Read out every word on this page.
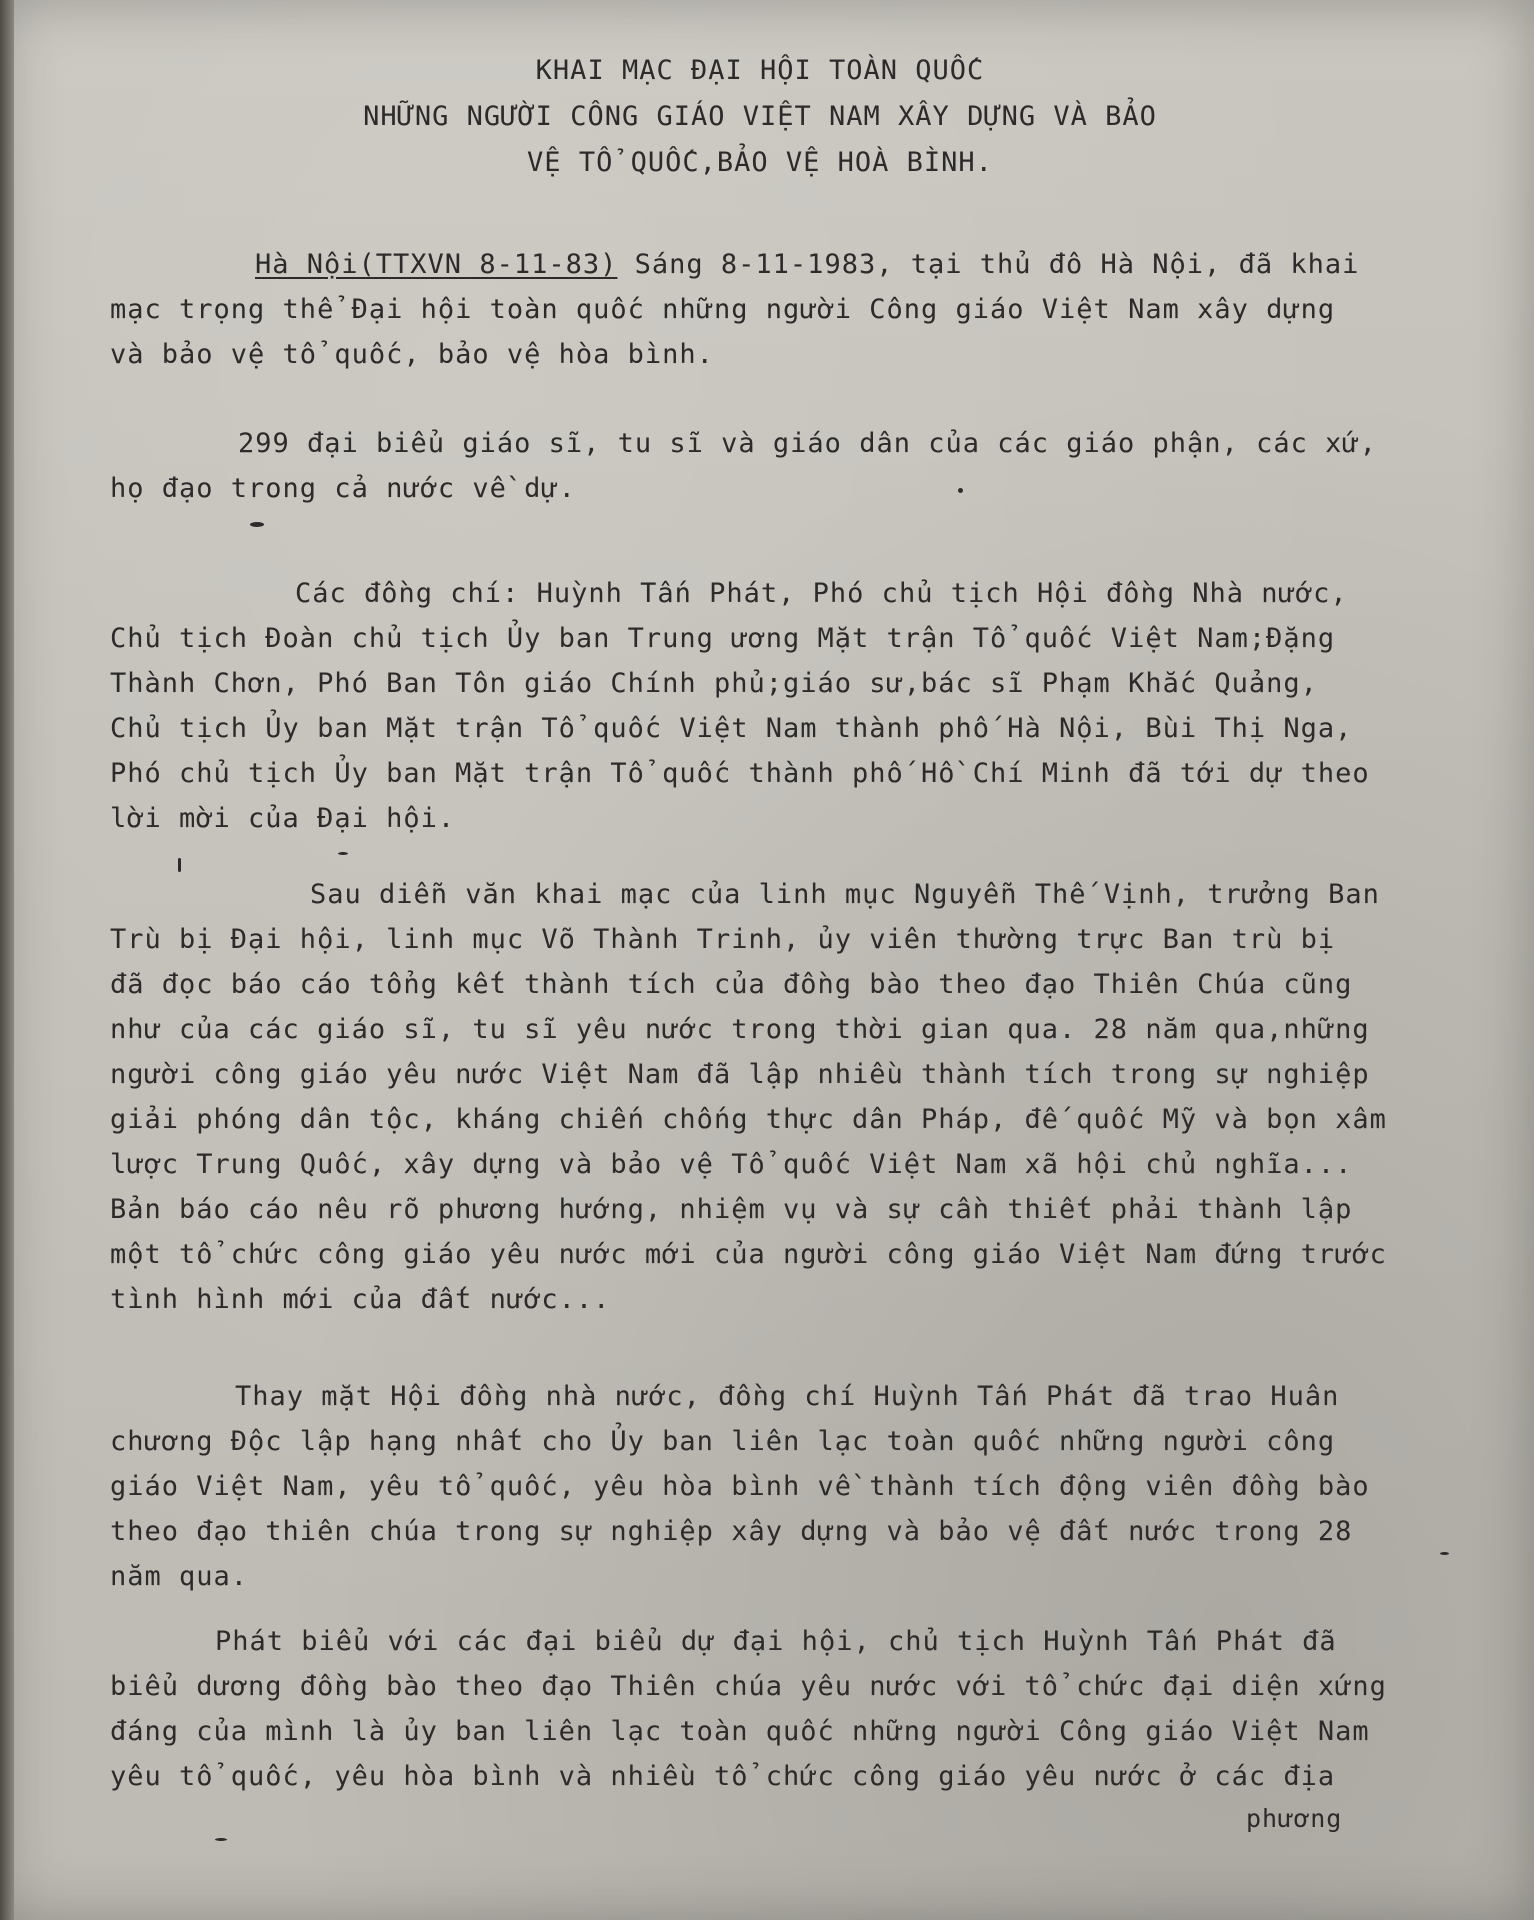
KHAI MẠC ĐẠI HỘI TOÀN QUỐC
NHỮNG NGƯỜI CÔNG GIÁO VIỆT NAM XÂY DỰNG VÀ BẢO
VỆ TỔ QUỐC,BẢO VỆ HOÀ BÌNH.
Hà Nội(TTXVN 8-11-83) Sáng 8-11-1983, tại thủ đô Hà Nội, đã khai
mạc trọng thể Đại hội toàn quốc những người Công giáo Việt Nam xây dựng
và bảo vệ tổ quốc, bảo vệ hòa bình.
299 đại biểu giáo sĩ, tu sĩ và giáo dân của các giáo phận, các xứ,
họ đạo trong cả nước về dự.
Các đồng chí: Huỳnh Tấn Phát, Phó chủ tịch Hội đồng Nhà nước,
Chủ tịch Đoàn chủ tịch Ủy ban Trung ương Mặt trận Tổ quốc Việt Nam;Đặng
Thành Chơn, Phó Ban Tôn giáo Chính phủ;giáo sư,bác sĩ Phạm Khắc Quảng,
Chủ tịch Ủy ban Mặt trận Tổ quốc Việt Nam thành phố Hà Nội, Bùi Thị Nga,
Phó chủ tịch Ủy ban Mặt trận Tổ quốc thành phố Hồ Chí Minh đã tới dự theo
lời mời của Đại hội.
Sau diễn văn khai mạc của linh mục Nguyễn Thế Vịnh, trưởng Ban
Trù bị Đại hội, linh mục Võ Thành Trinh, ủy viên thường trực Ban trù bị
đã đọc báo cáo tổng kết thành tích của đồng bào theo đạo Thiên Chúa cũng
như của các giáo sĩ, tu sĩ yêu nước trong thời gian qua. 28 năm qua,những
người công giáo yêu nước Việt Nam đã lập nhiều thành tích trong sự nghiệp
giải phóng dân tộc, kháng chiến chống thực dân Pháp, đế quốc Mỹ và bọn xâm
lược Trung Quốc, xây dựng và bảo vệ Tổ quốc Việt Nam xã hội chủ nghĩa...
Bản báo cáo nêu rõ phương hướng, nhiệm vụ và sự cần thiết phải thành lập
một tổ chức công giáo yêu nước mới của người công giáo Việt Nam đứng trước
tình hình mới của đất nước...
Thay mặt Hội đồng nhà nước, đồng chí Huỳnh Tấn Phát đã trao Huân
chương Độc lập hạng nhất cho Ủy ban liên lạc toàn quốc những người công
giáo Việt Nam, yêu tổ quốc, yêu hòa bình về thành tích động viên đồng bào
theo đạo thiên chúa trong sự nghiệp xây dựng và bảo vệ đất nước trong 28
năm qua.
Phát biểu với các đại biểu dự đại hội, chủ tịch Huỳnh Tấn Phát đã
biểu dương đồng bào theo đạo Thiên chúa yêu nước với tổ chức đại diện xứng
đáng của mình là ủy ban liên lạc toàn quốc những người Công giáo Việt Nam
yêu tổ quốc, yêu hòa bình và nhiều tổ chức công giáo yêu nước ở các địa
phương
